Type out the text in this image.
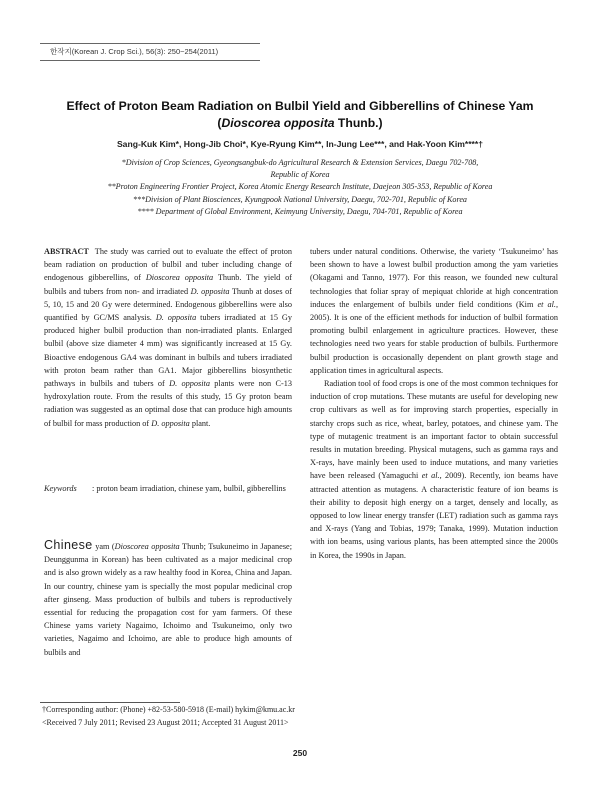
한작지(Korean J. Crop Sci.), 56(3): 250~254(2011)
Effect of Proton Beam Radiation on Bulbil Yield and Gibberellins of Chinese Yam
(Dioscorea opposita Thunb.)
Sang-Kuk Kim*, Hong-Jib Choi*, Kye-Ryung Kim**, In-Jung Lee***, and Hak-Yoon Kim****†
*Division of Crop Sciences, Gyeongsangbuk-do Agricultural Research & Extension Services, Daegu 702-708,
Republic of Korea
**Proton Engineering Frontier Project, Korea Atomic Energy Research Institute, Daejeon 305-353, Republic of Korea
***Division of Plant Biosciences, Kyungpook National University, Daegu, 702-701, Republic of Korea
**** Department of Global Environment, Keimyung University, Daegu, 704-701, Republic of Korea

ABSTRACT The study was carried out to evaluate the effect of proton beam radiation on production of bulbil and tuber including change of endogenous gibberellins, of Dioscorea opposita Thunb. The yield of bulbils and tubers from non- and irradiated D. opposita Thunb at doses of 5, 10, 15 and 20 Gy were determined. Endogenous gibberellins were also quantified by GC/MS analysis. D. opposita tubers irradiated at 15 Gy produced higher bulbil production than non-irradiated plants. Enlarged bulbil (above size diameter 4 mm) was significantly increased at 15 Gy. Bioactive endogenous GA4 was dominant in bulbils and tubers irradiated with proton beam rather than GA1. Major gibberellins biosynthetic pathways in bulbils and tubers of D. opposita plants were non C-13 hydroxylation route. From the results of this study, 15 Gy proton beam radiation was suggested as an optimal dose that can produce high amounts of bulbil for mass production of D. opposita plant.

Keywords : proton beam irradiation, chinese yam, bulbil, gibberellins

Chinese yam (Dioscorea opposita Thunb; Tsukuneimo in Japanese; Deunggunma in Korean) has been cultivated as a major medicinal crop and is also grown widely as a raw healthy food in Korea, China and Japan. In our country, chinese yam is specially the most popular medicinal crop after ginseng. Mass production of bulbils and tubers is reproductively essential for reducing the propagation cost for yam farmers. Of these Chinese yams variety Nagaimo, Ichoimo and Tsukuneimo, only two varieties, Nagaimo and Ichoimo, are able to produce high amounts of bulbils and

tubers under natural conditions. Otherwise, the variety ‘Tsukuneimo’ has been shown to have a lowest bulbil production among the yam varieties (Okagami and Tanno, 1977). For this reason, we founded new cultural technologies that foliar spray of mepiquat chloride at high concentration induces the enlargement of bulbils under field conditions (Kim et al., 2005). It is one of the efficient methods for induction of bulbil formation promoting bulbil enlargement in agriculture practices. However, these technologies need two years for stable production of bulbils. Furthermore bulbil production is occasionally dependent on plant growth stage and application times in agricultural aspects.

Radiation tool of food crops is one of the most common techniques for induction of crop mutations. These mutants are useful for developing new crop cultivars as well as for improving starch properties, especially in starchy crops such as rice, wheat, barley, potatoes, and chinese yam. The type of mutagenic treatment is an important factor to obtain successful results in mutation breeding. Physical mutagens, such as gamma rays and X-rays, have mainly been used to induce mutations, and many varieties have been released (Yamaguchi et al., 2009). Recently, ion beams have attracted attention as mutagens. A characteristic feature of ion beams is their ability to deposit high energy on a target, densely and locally, as opposed to low linear energy transfer (LET) radiation such as gamma rays and X-rays (Yang and Tobias, 1979; Tanaka, 1999). Mutation induction with ion beams, using various plants, has been attempted since the 2000s in Korea, the 1990s in Japan.

†Corresponding author: (Phone) +82-53-580-5918 (E-mail) hykim@kmu.ac.kr
<Received 7 July 2011; Revised 23 August 2011; Accepted 31 August 2011>
250
